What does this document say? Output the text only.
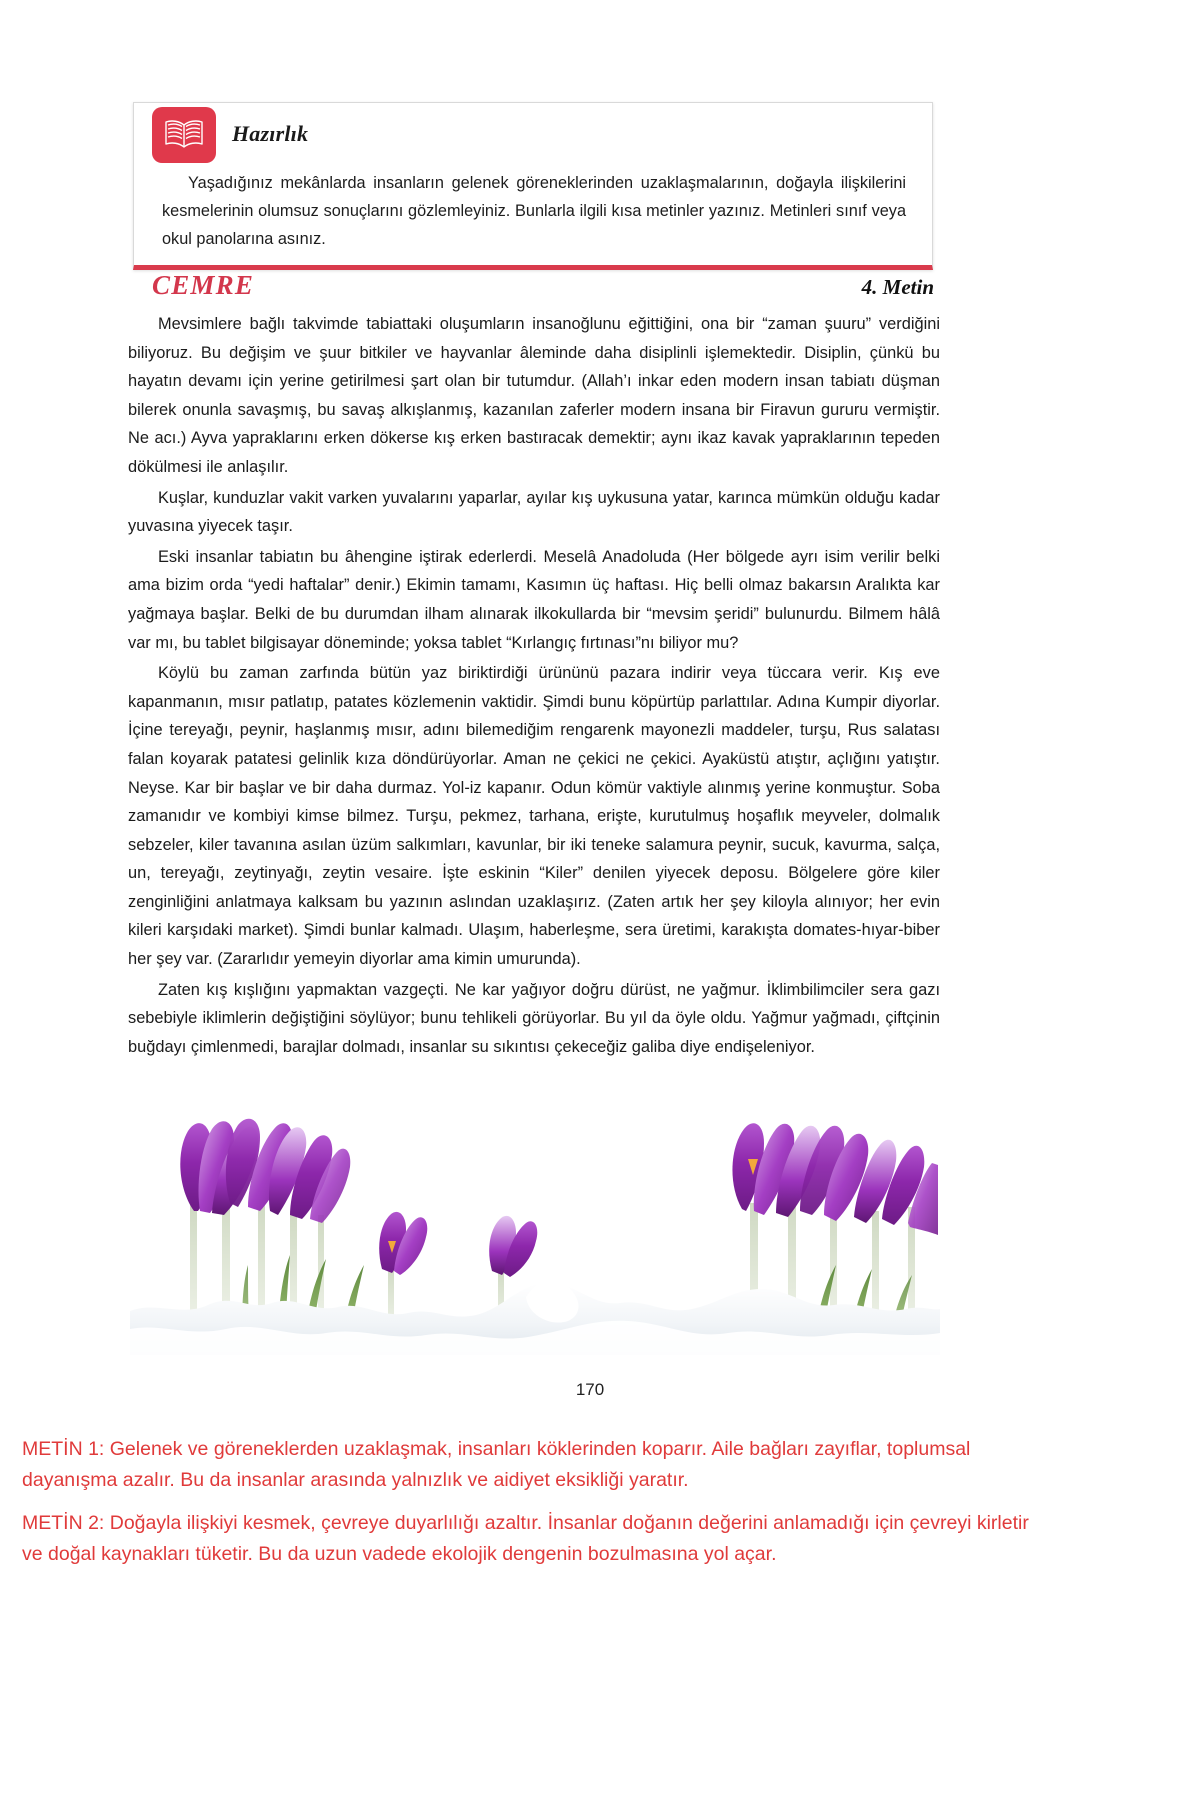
Hazırlık
Yaşadığınız mekânlarda insanların gelenek göreneklerinden uzaklaşmalarının, doğayla ilişkilerini kesmelerinin olumsuz sonuçlarını gözlemleyiniz. Bunlarla ilgili kısa metinler yazınız. Metinleri sınıf veya okul panolarına asınız.
CEMRE	4. Metin

Mevsimlere bağlı takvimde tabiattaki oluşumların insanoğlunu eğittiğini, ona bir “zaman şuuru” verdiğini biliyoruz. Bu değişim ve şuur bitkiler ve hayvanlar âleminde daha disiplinli işlemektedir. Disiplin, çünkü bu hayatın devamı için yerine getirilmesi şart olan bir tutumdur. (Allah’ı inkar eden modern insan tabiatı düşman bilerek onunla savaşmış, bu savaş alkışlanmış, kazanılan zaferler modern insana bir Firavun gururu vermiştir. Ne acı.) Ayva yapraklarını erken dökerse kış erken bastıracak demektir; aynı ikaz kavak yapraklarının tepeden dökülmesi ile anlaşılır.

Kuşlar, kunduzlar vakit varken yuvalarını yaparlar, ayılar kış uykusuna yatar, karınca mümkün olduğu kadar yuvasına yiyecek taşır.

Eski insanlar tabiatın bu âhengine iştirak ederlerdi. Meselâ Anadoluda (Her bölgede ayrı isim verilir belki ama bizim orda “yedi haftalar” denir.) Ekimin tamamı, Kasımın üç haftası. Hiç belli olmaz bakarsın Aralıkta kar yağmaya başlar. Belki de bu durumdan ilham alınarak ilkokullarda bir “mevsim şeridi” bulunurdu. Bilmem hâlâ var mı, bu tablet bilgisayar döneminde; yoksa tablet “Kırlangıç fırtınası”nı biliyor mu?

Köylü bu zaman zarfında bütün yaz biriktirdiği ürününü pazara indirir veya tüccara verir. Kış eve kapanmanın, mısır patlatıp, patates közlemenin vaktidir. Şimdi bunu köpürtüp parlattılar. Adına Kumpir diyorlar. İçine tereyağı, peynir, haşlanmış mısır, adını bilemediğim rengarenk mayonezli maddeler, turşu, Rus salatası falan koyarak patatesi gelinlik kıza döndürüyorlar. Aman ne çekici ne çekici. Ayaküstü atıştır, açlığını yatıştır. Neyse. Kar bir başlar ve bir daha durmaz. Yol-iz kapanır. Odun kömür vaktiyle alınmış yerine konmuştur. Soba zamanıdır ve kombiyi kimse bilmez. Turşu, pekmez, tarhana, erişte, kurutulmuş hoşaflık meyveler, dolmalık sebzeler, kiler tavanına asılan üzüm salkımları, kavunlar, bir iki teneke salamura peynir, sucuk, kavurma, salça, un, tereyağı, zeytinyağı, zeytin vesaire. İşte eskinin “Kiler” denilen yiyecek deposu. Bölgelere göre kiler zenginliğini anlatmaya kalksam bu yazının aslından uzaklaşırız. (Zaten artık her şey kiloyla alınıyor; her evin kileri karşıdaki market). Şimdi bunlar kalmadı. Ulaşım, haberleşme, sera üretimi, karakışta domates-hıyar-biber her şey var. (Zararlıdır yemeyin diyorlar ama kimin umurunda).

Zaten kış kışlığını yapmaktan vazgeçti. Ne kar yağıyor doğru dürüst, ne yağmur. İklimbilimciler sera gazı sebebiyle iklimlerin değiştiğini söylüyor; bunu tehlikeli görüyorlar. Bu yıl da öyle oldu. Yağmur yağmadı, çiftçinin buğdayı çimlenmedi, barajlar dolmadı, insanlar su sıkıntısı çekeceğiz galiba diye endişeleniyor.

170
METİN 1: Gelenek ve göreneklerden uzaklaşmak, insanları köklerinden koparır. Aile bağları zayıflar, toplumsal dayanışma azalır. Bu da insanlar arasında yalnızlık ve aidiyet eksikliği yaratır.
METİN 2: Doğayla ilişkiyi kesmek, çevreye duyarlılığı azaltır. İnsanlar doğanın değerini anlamadığı için çevreyi kirletir ve doğal kaynakları tüketir. Bu da uzun vadede ekolojik dengenin bozulmasına yol açar.
